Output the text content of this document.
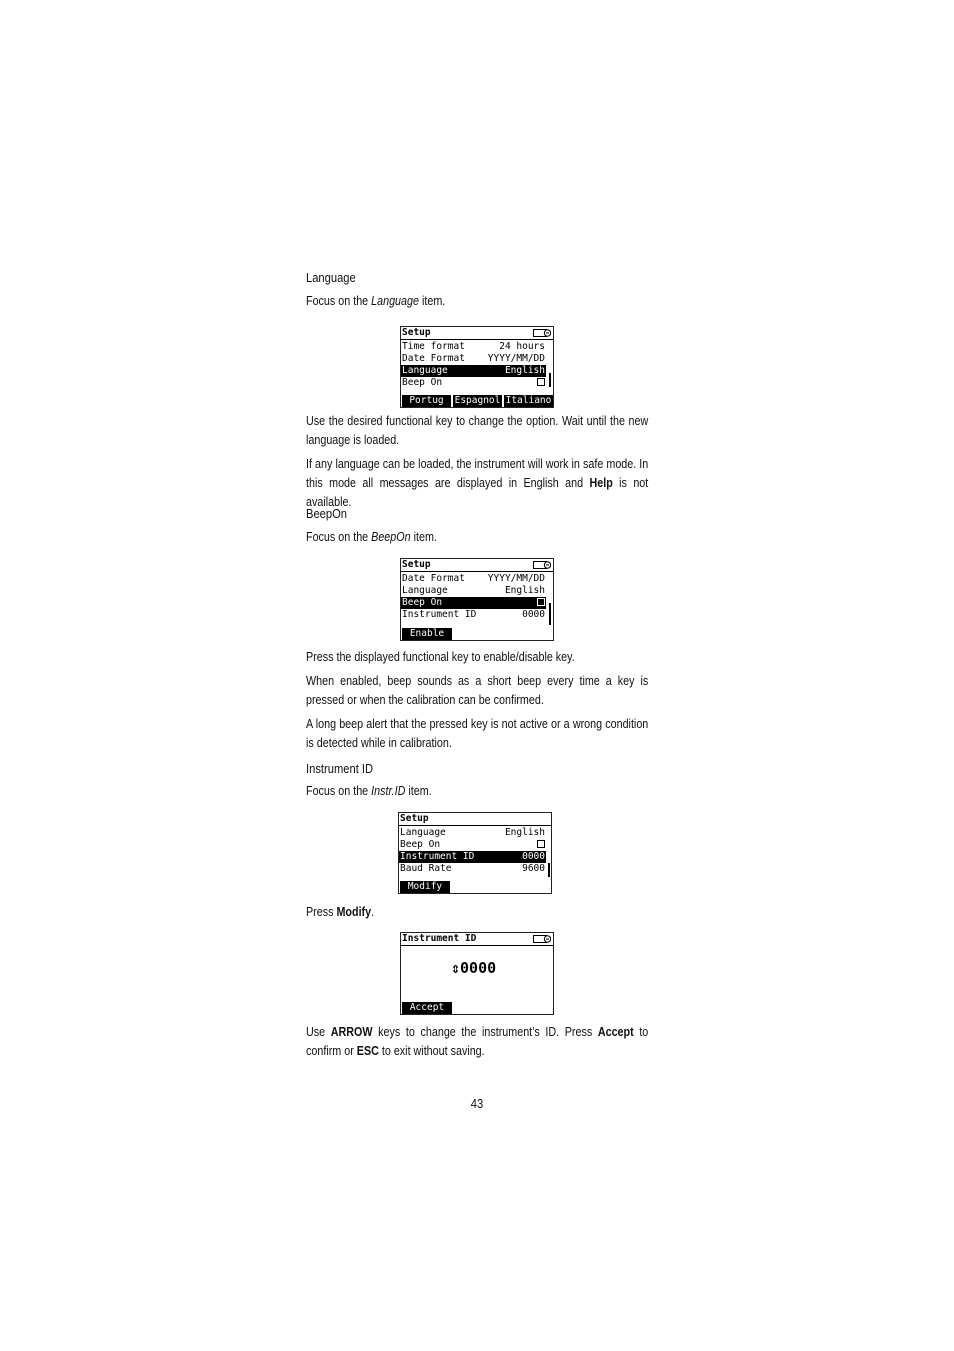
Language
Focus on the Language item.
Setup
Time format	24 hours
Date Format YYYY/MM/DD
Language	English
Beep On
Portug	Espagnol Italiano
Use the desired functional key to change the option. Wait until the new language is loaded.
If any language can be loaded, the instrument will work in safe mode. In this mode all messages are displayed in English and Help is not available.
BeepOn
Focus on the BeepOn item.
Setup
Date Format YYYY/MM/DD
Language	English
Beep On
Instrument ID	0000
Enable
Press the displayed functional key to enable/disable key.
When enabled, beep sounds as a short beep every time a key is pressed or when the calibration can be confirmed.
A long beep alert that the pressed key is not active or a wrong condition is detected while in calibration.
Instrument ID
Focus on the Instr.ID item.
Setup
Language	English
Beep On
Instrument ID	0000
Baud Rate	9600
Modify
Press Modify.
Instrument ID
⇕0000
Accept
Use ARROW keys to change the instrument’s ID. Press Accept to confirm or ESC to exit without saving.
43
